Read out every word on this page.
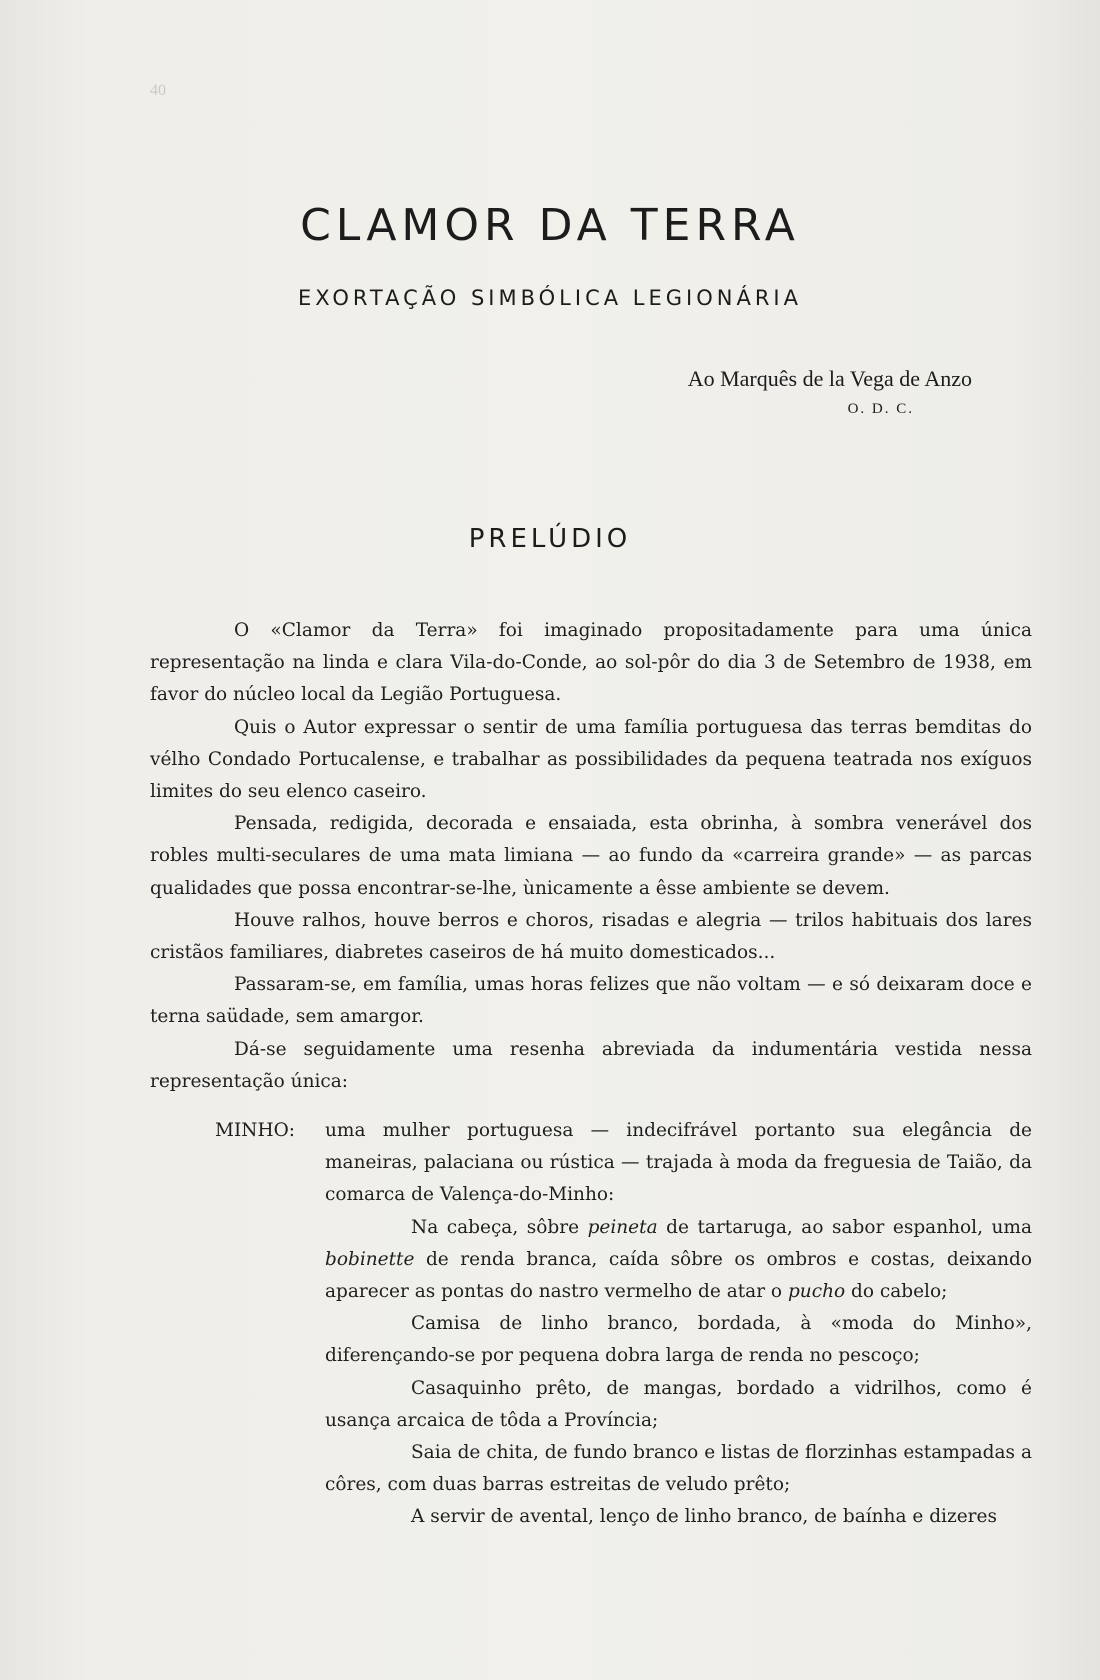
40
CLAMOR DA TERRA
EXORTAÇÃO SIMBÓLICA LEGIONÁRIA
Ao Marquês de la Vega de Anzo
O. D. C.
PRELÚDIO

O «Clamor da Terra» foi imaginado propositadamente para uma única representação na linda e clara Vila-do-Conde, ao sol-pôr do dia 3 de Setembro de 1938, em favor do núcleo local da Legião Portuguesa.

Quis o Autor expressar o sentir de uma família portuguesa das terras bemditas do vélho Condado Portucalense, e trabalhar as possibilidades da pequena teatrada nos exíguos limites do seu elenco caseiro.

Pensada, redigida, decorada e ensaiada, esta obrinha, à sombra venerável dos robles multi-seculares de uma mata limiana — ao fundo da «carreira grande» — as parcas qualidades que possa encontrar-se-lhe, ùnicamente a êsse ambiente se devem.

Houve ralhos, houve berros e choros, risadas e alegria — trilos habituais dos lares cristãos familiares, diabretes caseiros de há muito domesticados...

Passaram-se, em família, umas horas felizes que não voltam — e só deixaram doce e terna saüdade, sem amargor.

Dá-se seguidamente uma resenha abreviada da indumentária vestida nessa representação única:

MINHO: uma mulher portuguesa — indecifrável portanto sua elegância de maneiras, palaciana ou rústica — trajada à moda da freguesia de Taião, da comarca de Valença-do-Minho:

Na cabeça, sôbre peineta de tartaruga, ao sabor espanhol, uma bobinette de renda branca, caída sôbre os ombros e costas, deixando aparecer as pontas do nastro vermelho de atar o pucho do cabelo;

Camisa de linho branco, bordada, à «moda do Minho», diferençando-se por pequena dobra larga de renda no pescoço;

Casaquinho prêto, de mangas, bordado a vidrilhos, como é usança arcaica de tôda a Província;

Saia de chita, de fundo branco e listas de florzinhas estampadas a côres, com duas barras estreitas de veludo prêto;

A servir de avental, lenço de linho branco, de baínha e dizeres
